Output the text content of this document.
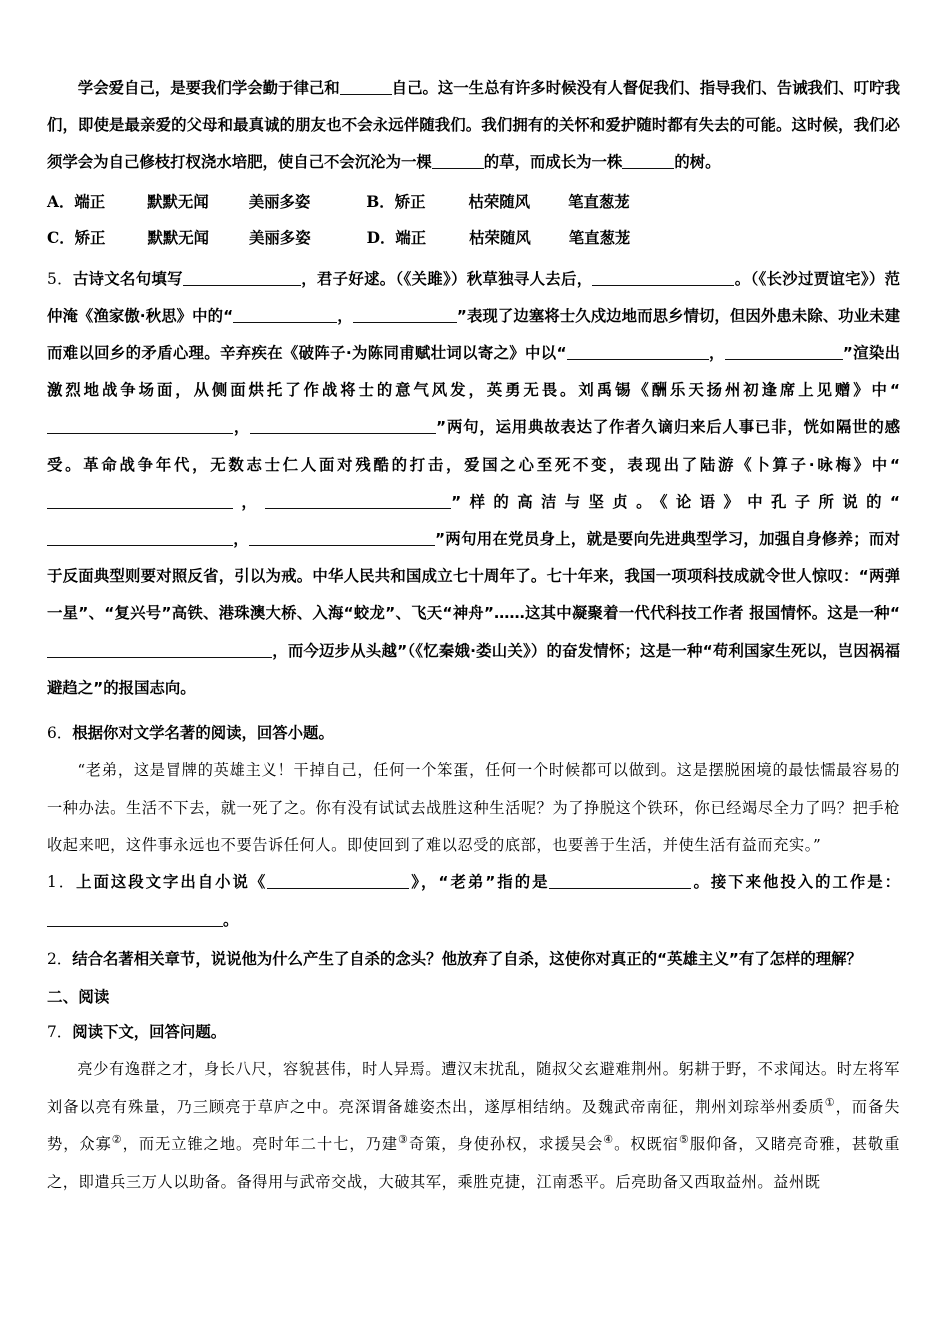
学会爱自己，是要我们学会勤于律己和	自己。这一生总有许多时候没有人督促我们、指导我们、告诫我们、叮咛我们，即使是最亲爱的父母和最真诚的朋友也不会永远伴随我们。我们拥有的关怀和爱护随时都有失去的可能。这时候，我们必须学会为自己修枝打杈浇水培肥，使自己不会沉沦为一棵	的草，而成长为一株	的树。

A．端正	默默无闻	美丽多姿	B．矫正	枯荣随风 笔直葱茏

C．矫正	默默无闻	美丽多姿	D．端正	枯荣随风 笔直葱茏

5．古诗文名句填写	，君子好逑。（《关雎》）秋草独寻人去后，	。（《长沙过贾谊宅》）范仲淹《渔家傲·秋思》中的“	，	”表现了边塞将士久戍边地而思乡情切，但因外患未除、功业未建而难以回乡的矛盾心理。辛弃疾在《破阵子·为陈同甫赋壮词以寄之》中以“	，	”渲染出激烈地战争场面，从侧面烘托了作战将士的意气风发，英勇无畏。刘禹锡《酬乐天扬州初逢席上见赠》中“，	”两句，运用典故表达了作者久谪归来后人事已非，恍如隔世的感受。革命战争年代，无数志士仁人面对残酷的打击，爱国之心至死不变，表现出了陆游《卜算子·咏梅》中“，	”样的高洁与坚贞。《论语》中孔子所说的“，	”两句用在党员身上，就是要向先进典型学习，加强自身修养；而对于反面典型则要对照反省，引以为戒。中华人民共和国成立七十周年了。七十年来，我国一项项科技成就令世人惊叹：“两弹一星”、“复兴号”高铁、港珠澳大桥、入海“蛟龙”、飞天“神舟”……这其中凝聚着一代代科技工作者 报国情怀。这是一种“，而今迈步从头越”（《忆秦娥·娄山关》）的奋发情怀；这是一种“苟利国家生死以，岂因祸福避趋之”的报国志向。

6．根据你对文学名著的阅读，回答小题。

“老弟，这是冒牌的英雄主义！干掉自己，任何一个笨蛋，任何一个时候都可以做到。这是摆脱困境的最怯懦最容易的一种办法。生活不下去，就一死了之。你有没有试试去战胜这种生活呢？为了挣脱这个铁环，你已经竭尽全力了吗？把手枪收起来吧，这件事永远也不要告诉任何人。即使回到了难以忍受的底部，也要善于生活，并使生活有益而充实。”

1．上面这段文字出自小说《	》，“老弟”指的是	。接下来他投入的工作是：。

2．结合名著相关章节，说说他为什么产生了自杀的念头？他放弃了自杀，这使你对真正的“英雄主义”有了怎样的理解？

二、阅读

7．阅读下文，回答问题。

亮少有逸群之才，身长八尺，容貌甚伟，时人异焉。遭汉末扰乱，随叔父玄避难荆州。躬耕于野，不求闻达。时左将军刘备以亮有殊量，乃三顾亮于草庐之中。亮深谓备雄姿杰出，遂厚相结纳。及魏武帝南征，荆州刘琮举州委质①，而备失势，众寡②，而无立锥之地。亮时年二十七，乃建③奇策，身使孙权，求援吴会④。权既宿⑤服仰备，又睹亮奇雅，甚敬重之，即遣兵三万人以助备。备得用与武帝交战，大破其军，乘胜克捷，江南悉平。后亮助备又西取益州。益州既
